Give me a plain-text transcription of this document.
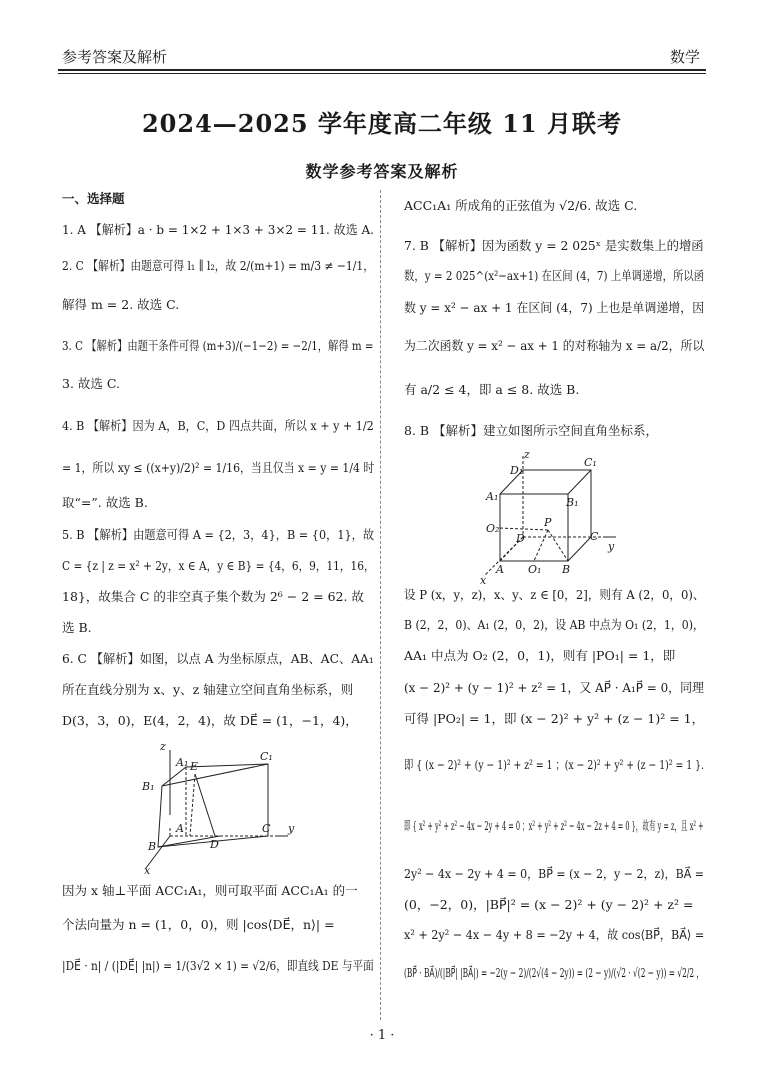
参考答案及解析	数学
2024—2025 学年度高二年级 11 月联考
数学参考答案及解析
一、选择题
1. A 【解析】a · b = 1×2 + 1×3 + 3×2 = 11. 故选 A.
2. C 【解析】由题意可得 l₁ ∥ l₂，故 2/(m+1) = m/3 ≠ −1/1，
解得 m = 2. 故选 C.
3. C 【解析】由题干条件可得 (m+3)/(−1−2) = −2/1，解得 m =
3. 故选 C.
4. B 【解析】因为 A，B，C，D 四点共面，所以 x + y + 1/2
= 1，所以 xy ≤ ((x+y)/2)² = 1/16，当且仅当 x = y = 1/4 时
取“=”. 故选 B.
5. B 【解析】由题意可得 A = {2，3，4}，B = {0，1}，故
C = {z | z = x² + 2y，x ∈ A，y ∈ B} = {4，6，9，11，16，
18}，故集合 C 的非空真子集个数为 2⁶ − 2 = 62. 故
选 B.
6. C 【解析】如图，以点 A 为坐标原点，AB、AC、AA₁
所在直线分别为 x、y、z 轴建立空间直角坐标系，则
D(3，3，0)，E(4，2，4)，故 DE⃗ = (1，−1，4)，
因为 x 轴⊥平面 ACC₁A₁，则可取平面 ACC₁A₁ 的一
个法向量为 n = (1，0，0)，则 |cos⟨DE⃗，n⟩| =
|DE⃗ · n| / (|DE⃗| |n|) = 1/(3√2 × 1) = √2/6，即直线 DE 与平面
ACC₁A₁ 所成角的正弦值为 √2/6. 故选 C.
7. B 【解析】因为函数 y = 2 025ˣ 是实数集上的增函
数，y = 2 025^(x²−ax+1) 在区间 (4，7) 上单调递增，所以函
数 y = x² − ax + 1 在区间 (4，7) 上也是单调递增，因
为二次函数 y = x² − ax + 1 的对称轴为 x = a/2，所以
有 a/2 ≤ 4，即 a ≤ 8. 故选 B.
8. B 【解析】建立如图所示空间直角坐标系，
设 P (x，y，z)，x、y、z ∈ [0，2]，则有 A (2，0，0)、
B (2，2，0)、A₁ (2，0，2)，设 AB 中点为 O₁ (2，1，0)，
AA₁ 中点为 O₂ (2，0，1)，则有 |PO₁| = 1，即
(x − 2)² + (y − 1)² + z² = 1，又 AP⃗ · A₁P⃗ = 0，同理
可得 |PO₂| = 1，即 (x − 2)² + y² + (z − 1)² = 1，
即 { (x − 2)² + (y − 1)² + z² = 1 ；(x − 2)² + y² + (z − 1)² = 1 }.
即 { x² + y² + z² − 4x − 2y + 4 = 0 ；x² + y² + z² − 4x − 2z + 4 = 0 }，故有 y = z，且 x² +
2y² − 4x − 2y + 4 = 0，BP⃗ = (x − 2，y − 2，z)，BA⃗ =
(0，−2，0)，|BP⃗|² = (x − 2)² + (y − 2)² + z² =
x² + 2y² − 4x − 4y + 8 = −2y + 4，故 cos⟨BP⃗，BA⃗⟩ =
(BP⃗ · BA⃗)/(|BP⃗| |BA⃗|) = −2(y − 2)/(2√(4 − 2y)) = (2 − y)/(√2 · √(2 − y)) = √2/2 ，
z
A₁ E
C₁
B₁
A	C y
B	D
x
z
D₁
C₁
A₁	B₁
P
O₂
D	C
y
A O₁ B
x
· 1 ·
